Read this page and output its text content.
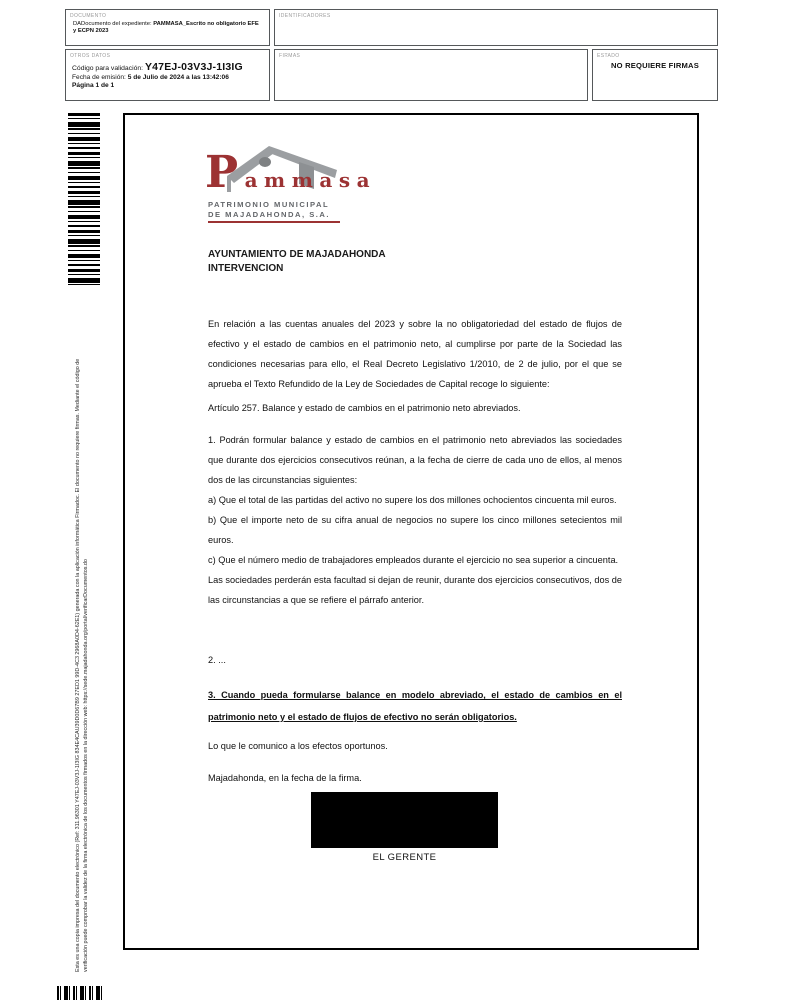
DOCUMENTO
DADocumento del expediente: PAMMASA_Escrito no obligatorio EFE y ECPN 2023
IDENTIFICADORES
OTROS DATOS
Código para validación: Y47EJ-03V3J-1I3IG
Fecha de emisión: 5 de Julio de 2024 a las 13:42:06
Página 1 de 1
FIRMAS	ESTADO
NO REQUIERE FIRMAS
Esta es una copia impresa del documento electrónico (Ref: 311.96301 Y47EJ-03V3J-1I3IG 834E4CAU39D0D67B9 27ED1 99D-4C3 2968A0D4-62E1) generada con la aplicación informática Firmadoc. El documento no requiere firmas. Mediante el código de verificación puede comprobar la validez de la firma electrónica de los documentos firmados en la dirección web: https://sede.majadahonda.org/portal/verificarDocumentos.do
Pammasa
PATRIMONIO MUNICIPAL
DE MAJADAHONDA, S.A.
AYUNTAMIENTO DE MAJADAHONDA
INTERVENCION

En relación a las cuentas anuales del 2023 y sobre la no obligatoriedad del estado de flujos de efectivo y el estado de cambios en el patrimonio neto, al cumplirse por parte de la Sociedad las condiciones necesarias para ello, el Real Decreto Legislativo 1/2010, de 2 de julio, por el que se aprueba el Texto Refundido de la Ley de Sociedades de Capital recoge lo siguiente:

Artículo 257. Balance y estado de cambios en el patrimonio neto abreviados.

1. Podrán formular balance y estado de cambios en el patrimonio neto abreviados las sociedades que durante dos ejercicios consecutivos reúnan, a la fecha de cierre de cada uno de ellos, al menos dos de las circunstancias siguientes:

a) Que el total de las partidas del activo no supere los dos millones ochocientos cincuenta mil euros.

b) Que el importe neto de su cifra anual de negocios no supere los cinco millones setecientos mil euros.

c) Que el número medio de trabajadores empleados durante el ejercicio no sea superior a cincuenta.

Las sociedades perderán esta facultad si dejan de reunir, durante dos ejercicios consecutivos, dos de las circunstancias a que se refiere el párrafo anterior.

2. ...

3. Cuando pueda formularse balance en modelo abreviado, el estado de cambios en el patrimonio neto y el estado de flujos de efectivo no serán obligatorios.

Lo que le comunico a los efectos oportunos.

Majadahonda, en la fecha de la firma.

EL GERENTE
